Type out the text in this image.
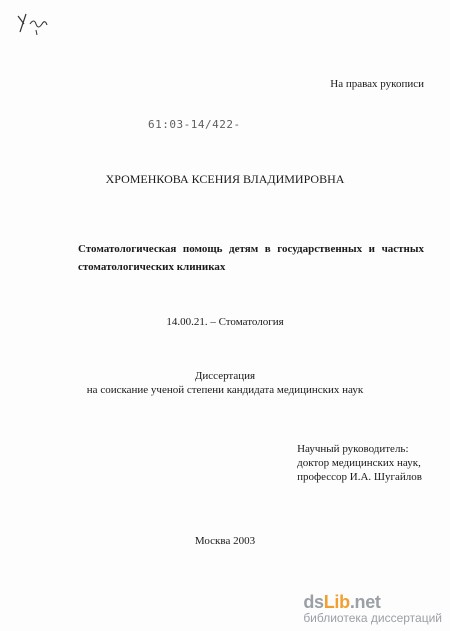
На правах рукописи
61:03-14/422-
ХРОМЕНКОВА КСЕНИЯ ВЛАДИМИРОВНА
Стоматологическая помощь детям в государственных и частных
стоматологических клиниках
14.00.21. – Стоматология
Диссертация
на соискание ученой степени кандидата медицинских наук
Научный руководитель:
доктор медицинских наук,
профессор И.А. Шугайлов
Москва 2003
dsLib.net
библиотека диссертаций
